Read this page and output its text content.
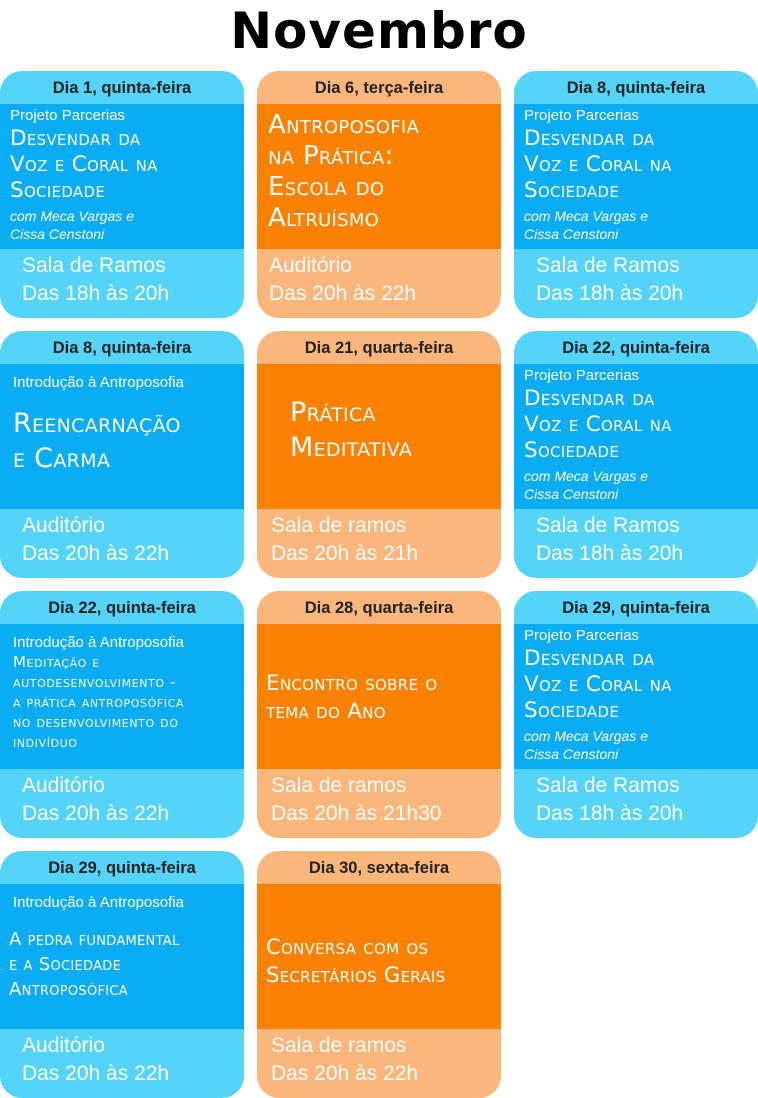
Novembro
Dia 1, quinta-feira
Projeto Parcerias
Desvendar da
Voz e Coral na
Sociedade
com Meca Vargas e
Cissa Censtoni
Sala de Ramos
Das 18h às 20h
Dia 6, terça-feira
Antroposofia
na Prática:
Escola do
Altruísmo
Auditório
Das 20h às 22h
Dia 8, quinta-feira
Projeto Parcerias
Desvendar da
Voz e Coral na
Sociedade
com Meca Vargas e
Cissa Censtoni
Sala de Ramos
Das 18h às 20h
Dia 8, quinta-feira
Introdução à Antroposofia
Reencarnação
e Carma
Auditório
Das 20h às 22h
Dia 21, quarta-feira
Prática
Meditativa
Sala de ramos
Das 20h às 21h
Dia 22, quinta-feira
Projeto Parcerias
Desvendar da
Voz e Coral na
Sociedade
com Meca Vargas e
Cissa Censtoni
Sala de Ramos
Das 18h às 20h
Dia 22, quinta-feira
Introdução à Antroposofia
Meditação e
autodesenvolvimento -
a prática antroposófica
no desenvolvimento do
indivíduo
Auditório
Das 20h às 22h
Dia 28, quarta-feira
Encontro sobre o
tema do Ano
Sala de ramos
Das 20h às 21h30
Dia 29, quinta-feira
Projeto Parcerias
Desvendar da
Voz e Coral na
Sociedade
com Meca Vargas e
Cissa Censtoni
Sala de Ramos
Das 18h às 20h
Dia 29, quinta-feira
Introdução à Antroposofia
A pedra fundamental
e a Sociedade
Antroposófica
Auditório
Das 20h às 22h
Dia 30, sexta-feira
Conversa com os
Secretários Gerais
Sala de ramos
Das 20h às 22h
